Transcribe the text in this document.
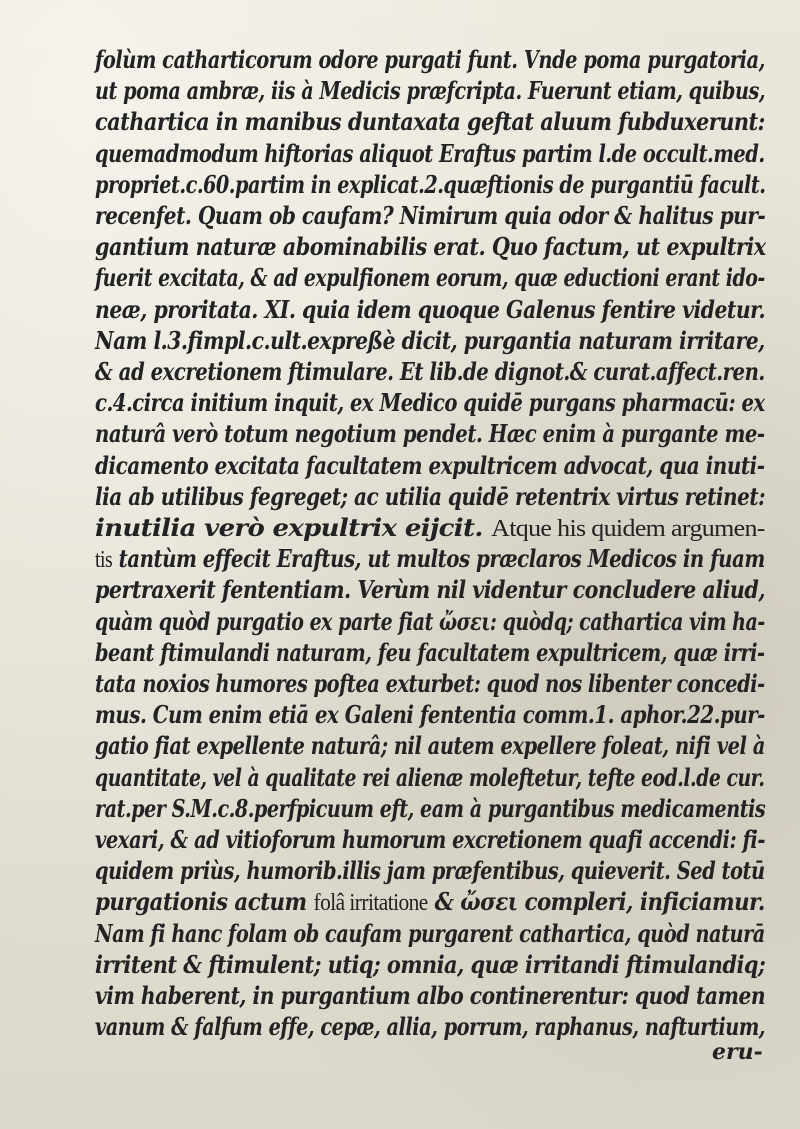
folùm catharticorum odore purgati funt. Vnde poma purgatoria,
ut poma ambræ, iis à Medicis præfcripta. Fuerunt etiam, quibus,
cathartica in manibus duntaxata geftat aluum fubduxerunt:
quemadmodum hiftorias aliquot Eraftus partim l.de occult.med.
propriet.c.60.partim in explicat.2.quæftionis de purgantiū facult.
recenfet. Quam ob caufam? Nimirum quia odor & halitus pur-
gantium naturæ abominabilis erat. Quo factum, ut expultrix
fuerit excitata, & ad expulfionem eorum, quæ eductioni erant ido-
neæ, proritata. XI. quia idem quoque Galenus fentire videtur.
Nam l.3.fimpl.c.ult.expreßè dicit, purgantia naturam irritare,
& ad excretionem ftimulare. Et lib.de dignot.& curat.affect.ren.
c.4.circa initium inquit, ex Medico quidē purgans pharmacū: ex
naturâ verò totum negotium pendet. Hæc enim à purgante me-
dicamento excitata facultatem expultricem advocat, qua inuti-
lia ab utilibus fegreget; ac utilia quidē retentrix virtus retinet:
inutilia verò expultrix eijcit. Atque his quidem argumen-
tis tantùm effecit Eraftus, ut multos præclaros Medicos in fuam
pertraxerit fententiam. Verùm nil videntur concludere aliud,
quàm quòd purgatio ex parte fiat ὤσει: quòdq; cathartica vim ha-
beant ftimulandi naturam, feu facultatem expultricem, quæ irri-
tata noxios humores poftea exturbet: quod nos libenter concedi-
mus. Cum enim etiā ex Galeni fententia comm.1. aphor.22.pur-
gatio fiat expellente naturâ; nil autem expellere foleat, nifi vel à
quantitate, vel à qualitate rei alienæ moleftetur, tefte eod.l.de cur.
rat.per S.M.c.8.perfpicuum eft, eam à purgantibus medicamentis
vexari, & ad vitioforum humorum excretionem quafi accendi: fi-
quidem priùs, humorib.illis jam præfentibus, quieverit. Sed totū
purgationis actum folâ irritatione & ὤσει compleri, inficiamur.
Nam fi hanc folam ob caufam purgarent cathartica, quòd naturā
irritent & ftimulent; utiq; omnia, quæ irritandi ftimulandiq;
vim haberent, in purgantium albo continerentur: quod tamen
vanum & falfum effe, cepæ, allia, porrum, raphanus, nafturtium,
eru-
